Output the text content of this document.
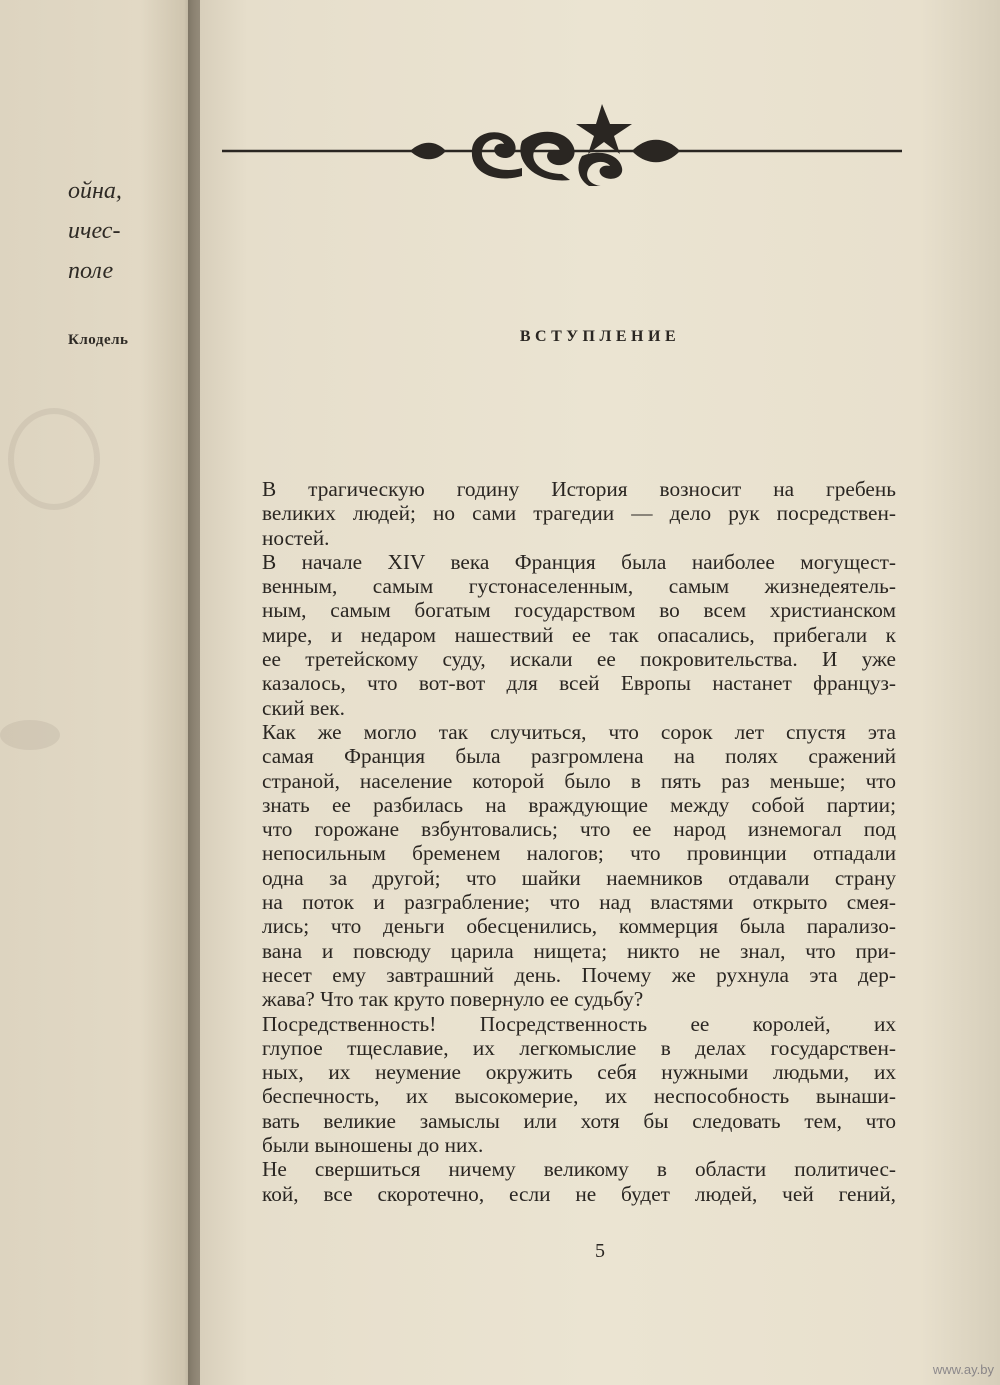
ойна,
ичес-
поле
Клодель	ВСТУПЛЕНИЕ
В трагическую годину История возносит на гребень
великих людей; но сами трагедии — дело рук посредствен-
ностей.
В начале XIV века Франция была наиболее могущест-
венным, самым густонаселенным, самым жизнедеятель-
ным, самым богатым государством во всем христианском
мире, и недаром нашествий ее так опасались, прибегали к
ее третейскому суду, искали ее покровительства. И уже
казалось, что вот-вот для всей Европы настанет француз-
ский век.
Как же могло так случиться, что сорок лет спустя эта
самая Франция была разгромлена на полях сражений
страной, население которой было в пять раз меньше; что
знать ее разбилась на враждующие между собой партии;
что горожане взбунтовались; что ее народ изнемогал под
непосильным бременем налогов; что провинции отпадали
одна за другой; что шайки наемников отдавали страну
на поток и разграбление; что над властями открыто смея-
лись; что деньги обесценились, коммерция была парализо-
вана и повсюду царила нищета; никто не знал, что при-
несет ему завтрашний день. Почему же рухнула эта дер-
жава? Что так круто повернуло ее судьбу?
Посредственность! Посредственность ее королей, их
глупое тщеславие, их легкомыслие в делах государствен-
ных, их неумение окружить себя нужными людьми, их
беспечность, их высокомерие, их неспособность вынаши-
вать великие замыслы или хотя бы следовать тем, что
были выношены до них.
Не свершиться ничему великому в области политичес-
кой, все скоротечно, если не будет людей, чей гений,
5
www.ay.by
